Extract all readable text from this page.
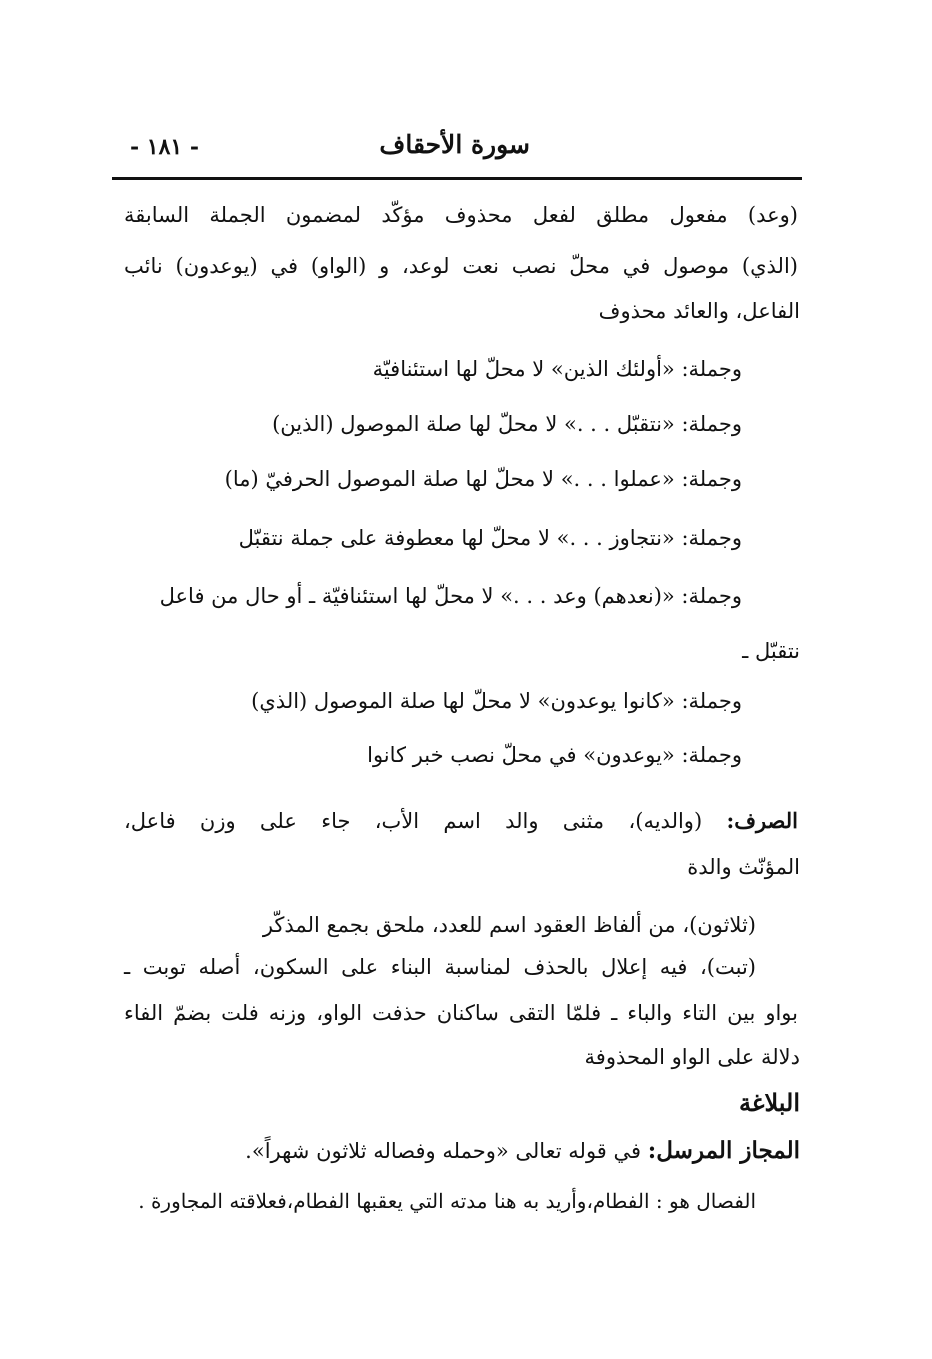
سورة الأحقاف
- ١٨١ -
(وعد) مفعول مطلق لفعل محذوف مؤكّد لمضمون الجملة السابقة
(الذي) موصول في محلّ نصب نعت لوعد، و (الواو) في (يوعدون) نائب
الفاعل، والعائد محذوف
وجملة: «أولئك الذين» لا محلّ لها استئنافيّة
وجملة: «نتقبّل . . .» لا محلّ لها صلة الموصول (الذين)
وجملة: «عملوا . . .» لا محلّ لها صلة الموصول الحرفيّ (ما)
وجملة: «نتجاوز . . .» لا محلّ لها معطوفة على جملة نتقبّل
وجملة: «(نعدهم) وعد . . .» لا محلّ لها استئنافيّة ـ أو حال من فاعل
نتقبّل ـ
وجملة: «كانوا يوعدون» لا محلّ لها صلة الموصول (الذي)
وجملة: «يوعدون» في محلّ نصب خبر كانوا
الصرف: (والديه)، مثنى والد اسم الأب، جاء على وزن فاعل،
المؤنّث والدة
(ثلاثون)، من ألفاظ العقود اسم للعدد، ملحق بجمع المذكّر
(تبت)، فيه إعلال بالحذف لمناسبة البناء على السكون، أصله توبت ـ
بواو بين التاء والباء ـ فلمّا التقى ساكنان حذفت الواو، وزنه فلت بضمّ الفاء
دلالة على الواو المحذوفة
البلاغة
المجاز المرسل: في قوله تعالى «وحمله وفصاله ثلاثون شهراً».
الفصال هو : الفطام،وأريد به هنا مدته التي يعقبها الفطام،فعلاقته المجاورة .
